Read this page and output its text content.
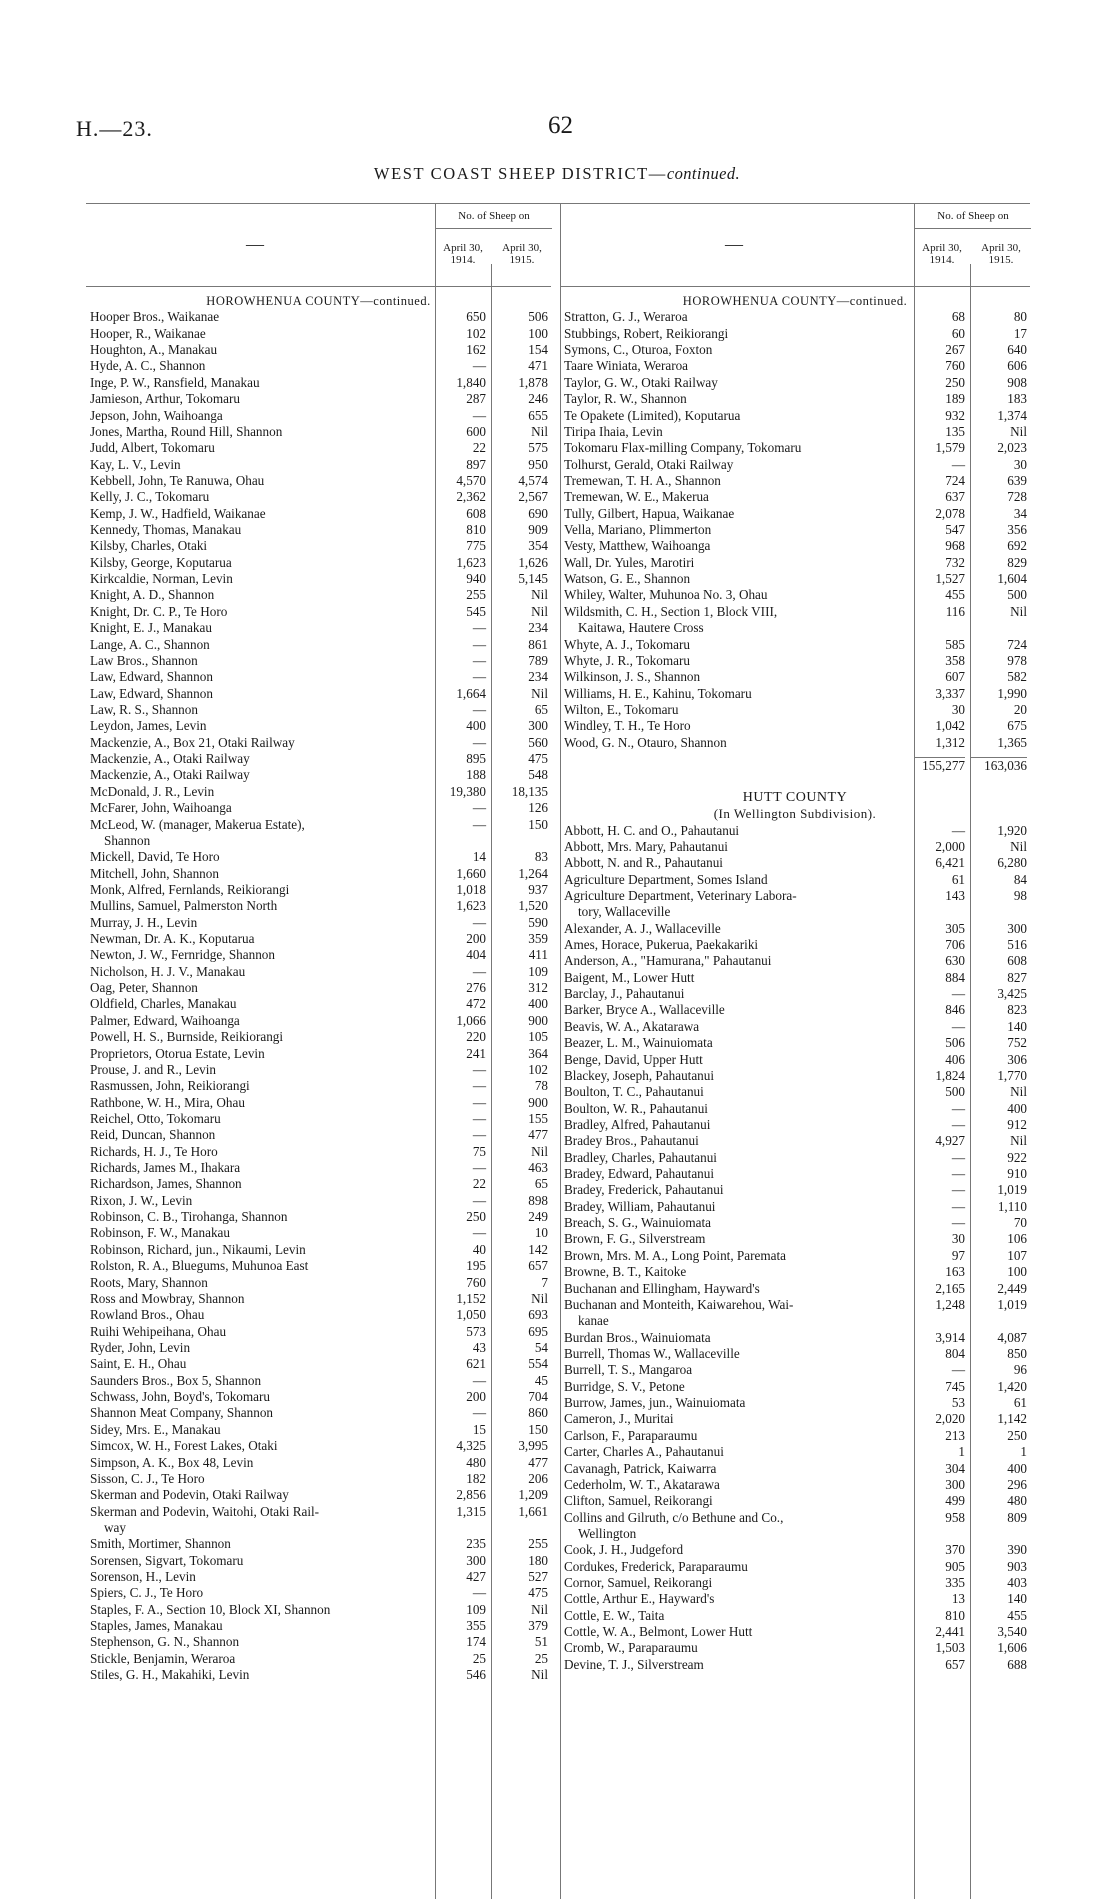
H.—23.	62
WEST COAST SHEEP DISTRICT—continued.
—
No. of Sheep on
April 30, 1914.
April 30, 1915.
HOROWHENUA COUNTY—continued.
Hooper Bros., Waikanae	650	506
Hooper, R., Waikanae	102	100
Houghton, A., Manakau	162	154
Hyde, A. C., Shannon	—	471
Inge, P. W., Ransfield, Manakau	1,840	1,878
Jamieson, Arthur, Tokomaru	287	246
Jepson, John, Waihoanga	—	655
Jones, Martha, Round Hill, Shannon	600	Nil
Judd, Albert, Tokomaru	22	575
Kay, L. V., Levin	897	950
Kebbell, John, Te Ranuwa, Ohau	4,570	4,574
Kelly, J. C., Tokomaru	2,362	2,567
Kemp, J. W., Hadfield, Waikanae	608	690
Kennedy, Thomas, Manakau	810	909
Kilsby, Charles, Otaki	775	354
Kilsby, George, Koputaruа	1,623	1,626
Kirkcaldie, Norman, Levin	940	5,145
Knight, A. D., Shannon	255	Nil
Knight, Dr. C. P., Te Horo	545	Nil
Knight, E. J., Manakau	—	234
Lange, A. C., Shannon	—	861
Law Bros., Shannon	—	789
Law, Edward, Shannon	—	234
Law, Edward, Shannon	1,664	Nil
Law, R. S., Shannon	—	65
Leydon, James, Levin	400	300
Mackenzie, A., Box 21, Otaki Railway	—	560
Mackenzie, A., Otaki Railway	895	475
Mackenzie, A., Otaki Railway	188	548
McDonald, J. R., Levin	19,380	18,135
McFarer, John, Waihoanga	—	126
McLeod, W. (manager, Makerua Estate),	—	150
Shannon
Mickell, David, Te Horo	14	83
Mitchell, John, Shannon	1,660	1,264
Monk, Alfred, Fernlands, Reikiorangi	1,018	937
Mullins, Samuel, Palmerston North	1,623	1,520
Murray, J. H., Levin	—	590
Newman, Dr. A. K., Koputaruа	200	359
Newton, J. W., Fernridge, Shannon	404	411
Nicholson, H. J. V., Manakau	—	109
Oag, Peter, Shannon	276	312
Oldfield, Charles, Manakau	472	400
Palmer, Edward, Waihoanga	1,066	900
Powell, H. S., Burnside, Reikiorangi	220	105
Proprietors, Otorua Estate, Levin	241	364
Prouse, J. and R., Levin	—	102
Rasmussen, John, Reikiorangi	—	78
Rathbone, W. H., Mira, Ohau	—	900
Reichel, Otto, Tokomaru	—	155
Reid, Duncan, Shannon	—	477
Richards, H. J., Te Horo	75	Nil
Richards, James M., Ihakara	—	463
Richardson, James, Shannon	22	65
Rixon, J. W., Levin	—	898
Robinson, C. B., Tirohanga, Shannon	250	249
Robinson, F. W., Manakau	—	10
Robinson, Richard, jun., Nikaumi, Levin	40	142
Rolston, R. A., Bluegums, Muhunoa East	195	657
Roots, Mary, Shannon	760	7
Ross and Mowbray, Shannon	1,152	Nil
Rowland Bros., Ohau	1,050	693
Ruihi Wehipeihana, Ohau	573	695
Ryder, John, Levin	43	54
Saint, E. H., Ohau	621	554
Saunders Bros., Box 5, Shannon	—	45
Schwass, John, Boyd's, Tokomaru	200	704
Shannon Meat Company, Shannon	—	860
Sidey, Mrs. E., Manakau	15	150
Simcox, W. H., Forest Lakes, Otaki	4,325	3,995
Simpson, A. K., Box 48, Levin	480	477
Sisson, C. J., Te Horo	182	206
Skerman and Podevin, Otaki Railway	2,856	1,209
Skerman and Podevin, Waitohi, Otaki Rail-	1,315	1,661
way
Smith, Mortimer, Shannon	235	255
Sorensen, Sigvart, Tokomaru	300	180
Sorenson, H., Levin	427	527
Spiers, C. J., Te Horo	—	475
Staples, F. A., Section 10, Block XI, Shannon	109	Nil
Staples, James, Manakau	355	379
Stephenson, G. N., Shannon	174	51
Stickle, Benjamin, Weraroa	25	25
Stiles, G. H., Makahiki, Levin	546	Nil
—
No. of Sheep on
April 30, 1914.
April 30, 1915.
HOROWHENUA COUNTY—continued.
Stratton, G. J., Weraroa	68	80
Stubbings, Robert, Reikiorangi	60	17
Symons, C., Oturoa, Foxton	267	640
Taare Winiata, Weraroa	760	606
Taylor, G. W., Otaki Railway	250	908
Taylor, R. W., Shannon	189	183
Te Opakete (Limited), Koputaruа	932	1,374
Tiripa Ihaia, Levin	135	Nil
Tokomaru Flax-milling Company, Tokomaru	1,579	2,023
Tolhurst, Gerald, Otaki Railway	—	30
Tremewan, T. H. A., Shannon	724	639
Tremewan, W. E., Makerua	637	728
Tully, Gilbert, Hapua, Waikanae	2,078	34
Vella, Mariano, Plimmerton	547	356
Vesty, Matthew, Waihoanga	968	692
Wall, Dr. Yules, Marotiri	732	829
Watson, G. E., Shannon	1,527	1,604
Whiley, Walter, Muhunoa No. 3, Ohau	455	500
Wildsmith, C. H., Section 1, Block VIII,	116	Nil
Kaitawa, Hautere Cross
Whyte, A. J., Tokomaru	585	724
Whyte, J. R., Tokomaru	358	978
Wilkinson, J. S., Shannon	607	582
Williams, H. E., Kahinu, Tokomaru	3,337	1,990
Wilton, E., Tokomaru	30	20
Windley, T. H., Te Horo	1,042	675
Wood, G. N., Otauro, Shannon	1,312	1,365
155,277	163,036
HUTT COUNTY
(In Wellington Subdivision).
Abbott, H. C. and O., Pahautanui	—	1,920
Abbott, Mrs. Mary, Pahautanui	2,000	Nil
Abbott, N. and R., Pahautanui	6,421	6,280
Agriculture Department, Somes Island	61	84
Agriculture Department, Veterinary Labora-	143	98
tory, Wallaceville
Alexander, A. J., Wallaceville	305	300
Ames, Horace, Pukerua, Paekakariki	706	516
Anderson, A., "Hamurana," Pahautanui	630	608
Baigent, M., Lower Hutt	884	827
Barclay, J., Pahautanui	—	3,425
Barker, Bryce A., Wallaceville	846	823
Beavis, W. A., Akatarawa	—	140
Beazer, L. M., Wainuiomata	506	752
Benge, David, Upper Hutt	406	306
Blackey, Joseph, Pahautanui	1,824	1,770
Boulton, T. C., Pahautanui	500	Nil
Boulton, W. R., Pahautanui	—	400
Bradley, Alfred, Pahautanui	—	912
Bradey Bros., Pahautanui	4,927	Nil
Bradley, Charles, Pahautanui	—	922
Bradey, Edward, Pahautanui	—	910
Bradey, Frederick, Pahautanui	—	1,019
Bradey, William, Pahautanui	—	1,110
Breach, S. G., Wainuiomata	—	70
Brown, F. G., Silverstream	30	106
Brown, Mrs. M. A., Long Point, Paremata	97	107
Browne, B. T., Kaitoke	163	100
Buchanan and Ellingham, Hayward's	2,165	2,449
Buchanan and Monteith, Kaiwarehou, Wai-	1,248	1,019
kanae
Burdan Bros., Wainuiomata	3,914	4,087
Burrell, Thomas W., Wallaceville	804	850
Burrell, T. S., Mangaroa	—	96
Burridge, S. V., Petone	745	1,420
Burrow, James, jun., Wainuiomata	53	61
Cameron, J., Muritai	2,020	1,142
Carlson, F., Paraparaumu	213	250
Carter, Charles A., Pahautanui	1	1
Cavanagh, Patrick, Kaiwarra	304	400
Cederholm, W. T., Akatarawa	300	296
Clifton, Samuel, Reikorangi	499	480
Collins and Gilruth, c/o Bethune and Co.,	958	809
Wellington
Cook, J. H., Judgeford	370	390
Cordukes, Frederick, Paraparaumu	905	903
Cornor, Samuel, Reikorangi	335	403
Cottle, Arthur E., Hayward's	13	140
Cottle, E. W., Taita	810	455
Cottle, W. A., Belmont, Lower Hutt	2,441	3,540
Cromb, W., Paraparaumu	1,503	1,606
Devine, T. J., Silverstream	657	688
